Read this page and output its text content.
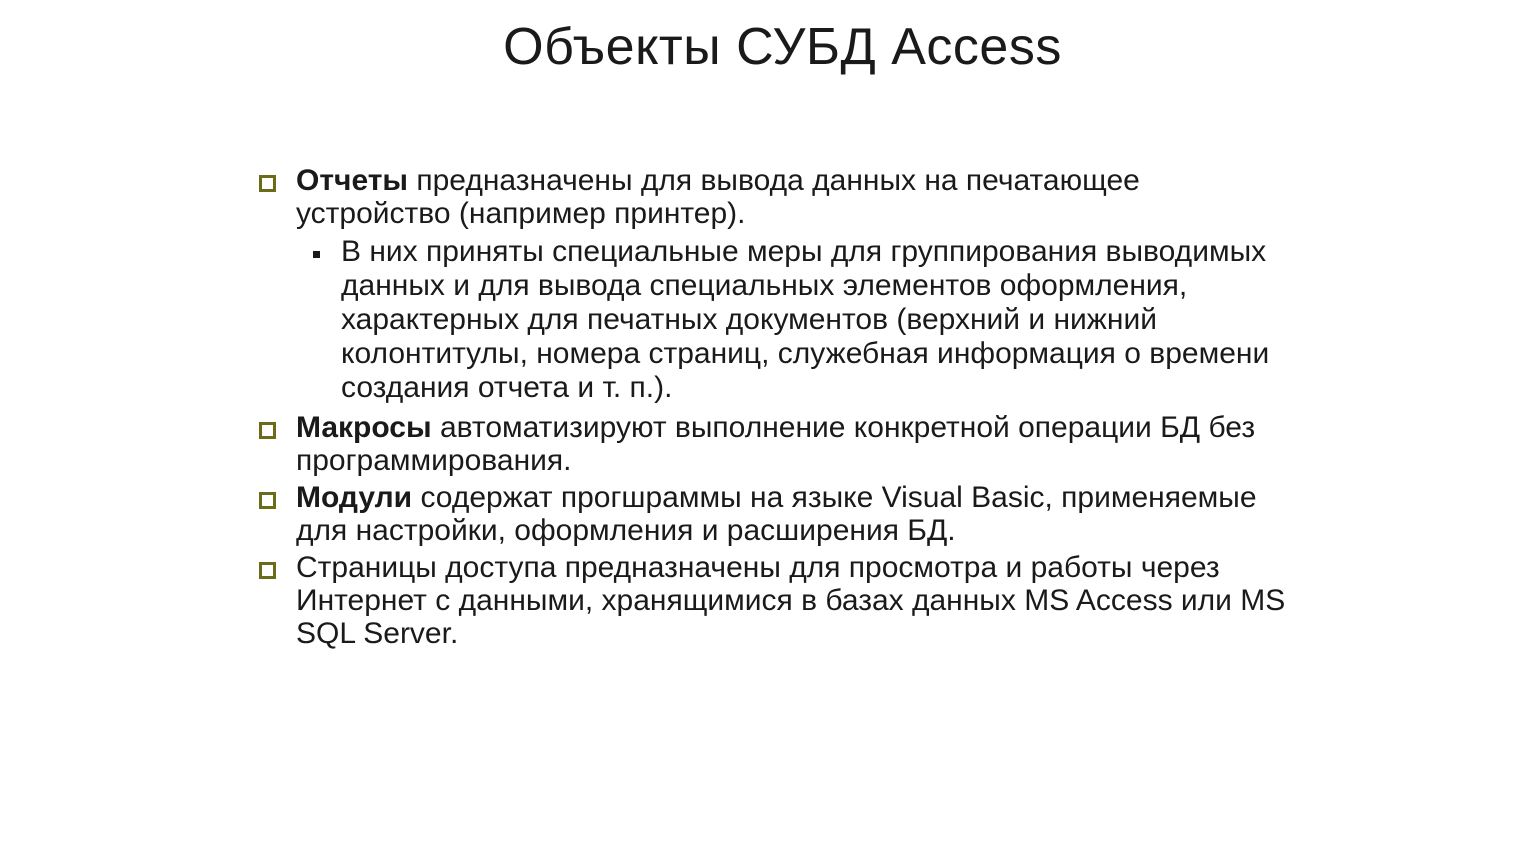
Объекты СУБД Access
Отчеты предназначены для вывода данных на печатающее устройство (например принтер).
В них приняты специальные меры для группирования выводимых данных и для вывода специальных элементов оформления, характерных для печатных документов (верхний и нижний колонтитулы, номера страниц, служебная информация о времени создания отчета и т. п.).
Макросы автоматизируют выполнение конкретной операции БД без программирования.
Модули содержат прогшраммы на языке Visual Basic, применяемые для настройки, оформления и расширения БД.
Страницы доступа предназначены для просмотра и работы через Интернет с данными, хранящимися в базах данных MS Access или MS SQL Server.
